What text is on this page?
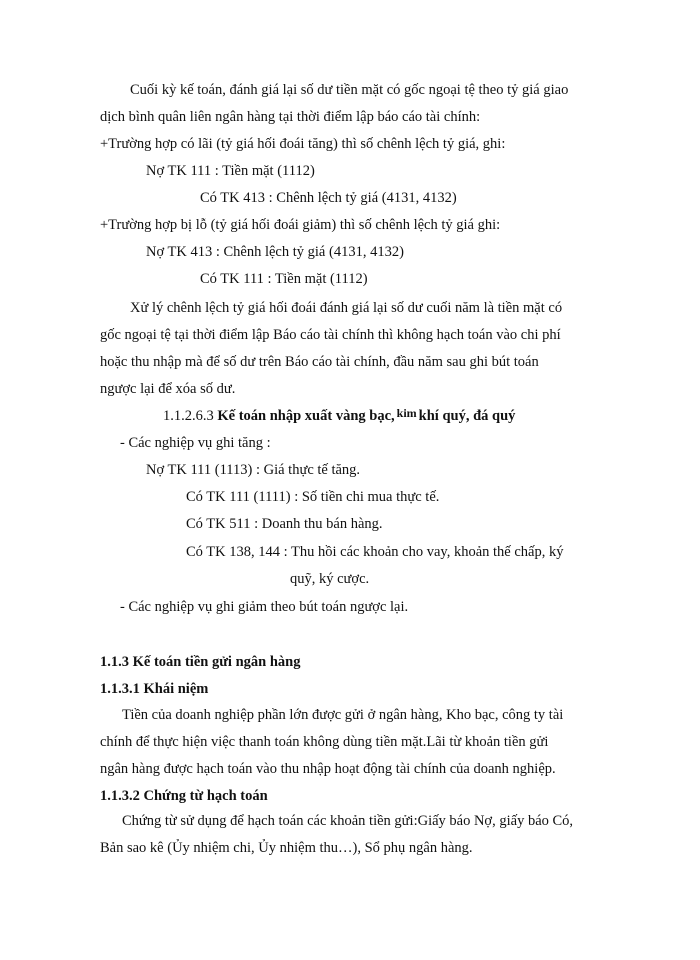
Cuối kỳ kế toán, đánh giá lại số dư tiền mặt có gốc ngoại tệ theo tỷ giá giao
dịch bình quân liên ngân hàng tại thời điểm lập báo cáo tài chính:
+Trường hợp có lãi (tỷ giá hối đoái tăng) thì số chênh lệch tỷ giá, ghi:
Nợ TK 111 : Tiền mặt (1112)
Có TK 413 : Chênh lệch tỷ giá (4131, 4132)
+Trường hợp bị lỗ (tỷ giá hối đoái giảm) thì số chênh lệch tỷ giá ghi:
Nợ TK 413 : Chênh lệch tỷ giá (4131, 4132)
Có TK 111 : Tiền mặt (1112)
Xử lý chênh lệch tỷ giá hối đoái đánh giá lại số dư cuối năm là tiền mặt có
gốc ngoại tệ tại thời điểm lập Báo cáo tài chính thì không hạch toán vào chi phí
hoặc thu nhập mà để số dư trên Báo cáo tài chính, đầu năm sau ghi bút toán
ngược lại để xóa số dư.
1.1.2.6.3 Kế toán nhập xuất vàng bạc, $^{kim}$ khí quý, đá quý
- Các nghiệp vụ ghi tăng :
Nợ TK 111 (1113) : Giá thực tế tăng.
Có TK 111 (1111) : Số tiền chi mua thực tế.
Có TK 511 : Doanh thu bán hàng.
Có TK 138, 144 : Thu hồi các khoản cho vay, khoản thế chấp, ký
quỹ, ký cược.
- Các nghiệp vụ ghi giảm theo bút toán ngược lại.
1.1.3 Kế toán tiền gửi ngân hàng
1.1.3.1 Khái niệm
Tiền của doanh nghiệp phần lớn được gửi ở ngân hàng, Kho bạc, công ty tài
chính để thực hiện việc thanh toán không dùng tiền mặt.Lãi từ khoản tiền gửi
ngân hàng được hạch toán vào thu nhập hoạt động tài chính của doanh nghiệp.
1.1.3.2 Chứng từ hạch toán
Chứng từ sử dụng để hạch toán các khoản tiền gửi:Giấy báo Nợ, giấy báo Có,
Bản sao kê (Ủy nhiệm chi, Ủy nhiệm thu…), Sổ phụ ngân hàng.
